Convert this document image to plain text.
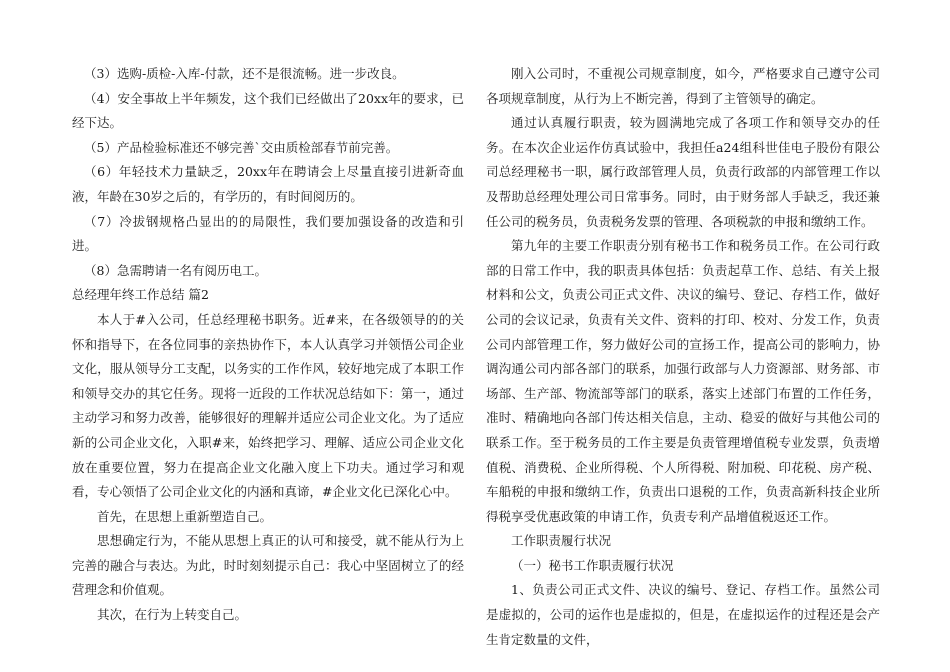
（3）选购-质检-入库-付款，还不是很流畅。进一步改良。

（4）安全事故上半年频发，这个我们已经做出了20xx年的要求，已经下达。

（5）产品检验标准还不够完善`交由质检部春节前完善。

（6）年轻技术力量缺乏，20xx年在聘请会上尽量直接引进新奇血液，年龄在30岁之后的，有学历的，有时间阅历的。

（7）冷拔钢规格凸显出的的局限性，我们要加强设备的改造和引进。

（8）急需聘请一名有阅历电工。

总经理年终工作总结 篇2

本人于#入公司，任总经理秘书职务。近#来，在各级领导的的关怀和指导下，在各位同事的亲热协作下，本人认真学习并领悟公司企业文化，服从领导分工支配，以务实的工作作风，较好地完成了本职工作和领导交办的其它任务。现将一近段的工作状况总结如下：第一，通过主动学习和努力改善，能够很好的理解并适应公司企业文化。为了适应新的公司企业文化，入职#来，始终把学习、理解、适应公司企业文化放在重要位置，努力在提高企业文化融入度上下功夫。通过学习和观看，专心领悟了公司企业文化的内涵和真谛，#企业文化已深化心中。

首先，在思想上重新塑造自己。

思想确定行为，不能从思想上真正的认可和接受，就不能从行为上完善的融合与表达。为此，时时刻刻提示自己：我心中坚固树立了的经营理念和价值观。

其次，在行为上转变自己。

刚入公司时，不重视公司规章制度，如今，严格要求自己遵守公司各项规章制度，从行为上不断完善，得到了主管领导的确定。

通过认真履行职责，较为圆满地完成了各项工作和领导交办的任务。在本次企业运作仿真试验中，我担任a24组科世佳电子股份有限公司总经理秘书一职，属行政部管理人员，负责行政部的内部管理工作以及帮助总经理处理公司日常事务。同时，由于财务部人手缺乏，我还兼任公司的税务员，负责税务发票的管理、各项税款的申报和缴纳工作。

第九年的主要工作职责分别有秘书工作和税务员工作。在公司行政部的日常工作中，我的职责具体包括：负责起草工作、总结、有关上报材料和公文，负责公司正式文件、决议的编号、登记、存档工作，做好公司的会议记录，负责有关文件、资料的打印、校对、分发工作，负责公司内部管理工作，努力做好公司的宣扬工作，提高公司的影响力，协调沟通公司内部各部门的联系，加强行政部与人力资源部、财务部、市场部、生产部、物流部等部门的联系，落实上述部门布置的工作任务，准时、精确地向各部门传达相关信息，主动、稳妥的做好与其他公司的联系工作。至于税务员的工作主要是负责管理增值税专业发票，负责增值税、消费税、企业所得税、个人所得税、附加税、印花税、房产税、车船税的申报和缴纳工作，负责出口退税的工作，负责高新科技企业所得税享受优惠政策的申请工作，负责专利产品增值税返还工作。

工作职责履行状况

（一）秘书工作职责履行状况

1、负责公司正式文件、决议的编号、登记、存档工作。虽然公司是虚拟的，公司的运作也是虚拟的，但是，在虚拟运作的过程还是会产生肯定数量的文件，
